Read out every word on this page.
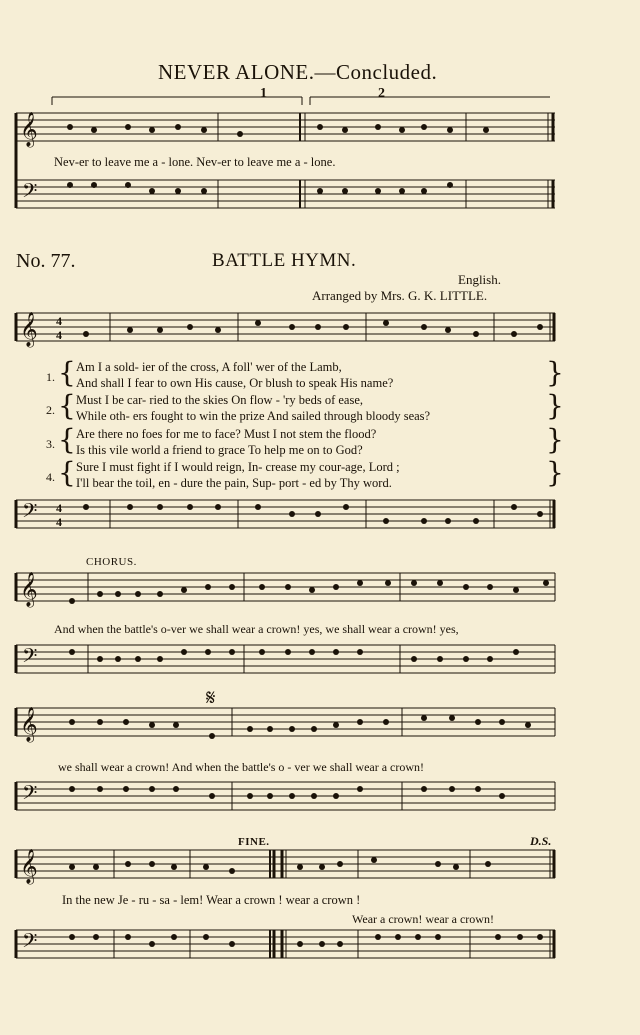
NEVER ALONE.—Concluded.
1	2
𝄞
𝄢
Nev-er to leave me a - lone. Nev-er to leave me a - lone.
No. 77.	BATTLE HYMN.
English.
Arranged by Mrs. G. K. LITTLE.
𝄞
𝄢
4
4
4
4
1. { Am I a sold- ier of the cross, A foll' wer of the Lamb,
And shall I fear to own His cause, Or blush to speak His name?	}
2. { Must I be car- ried to the skies On flow - 'ry beds of ease,
While oth- ers fought to win the prize And sailed through bloody seas?	}
3. { Are there no foes for me to face? Must I not stem the flood?
Is this vile world a friend to grace To help me on to God?	}
4. { Sure I must fight if I would reign, In- crease my cour-age, Lord ;
I'll bear the toil, en - dure the pain, Sup- port - ed by Thy word.	}
CHORUS.
𝄞
𝄢
And when the battle's o-ver we shall wear a crown! yes, we shall wear a crown! yes,
𝄋
𝄞
𝄢
we shall wear a crown! And when the battle's o - ver we shall wear a crown!
FINE.	D.S.
𝄞
𝄢
In the new Je - ru - sa - lem! Wear a crown ! wear a crown !
Wear a crown! wear a crown!
